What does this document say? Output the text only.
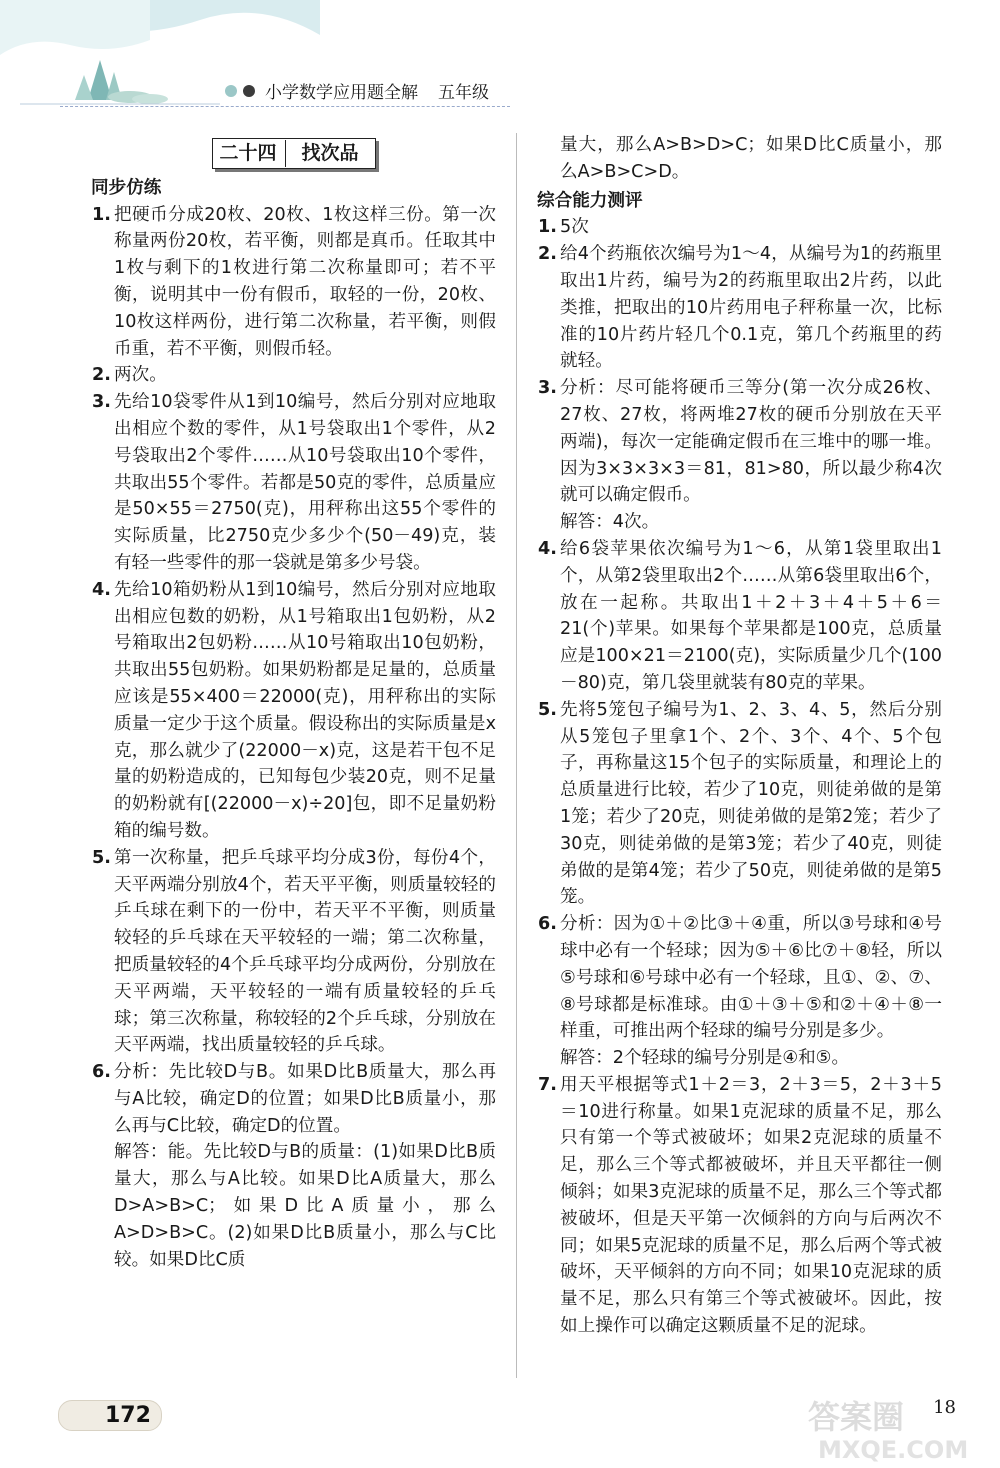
小学数学应用题全解 五年级
二十四	找次品
同步仿练
1. 把硬币分成20枚、20枚、1枚这样三份。第一次称量两份20枚，若平衡，则都是真币。任取其中1枚与剩下的1枚进行第二次称量即可；若不平衡，说明其中一份有假币，取轻的一份，20枚、10枚这样两份，进行第二次称量，若平衡，则假币重，若不平衡，则假币轻。
2. 两次。
3. 先给10袋零件从1到10编号，然后分别对应地取出相应个数的零件，从1号袋取出1个零件，从2号袋取出2个零件……从10号袋取出10个零件，共取出55个零件。若都是50克的零件，总质量应是50×55＝2750(克)，用秤称出这55个零件的实际质量，比2750克少多少个(50－49)克，装有轻一些零件的那一袋就是第多少号袋。
4. 先给10箱奶粉从1到10编号，然后分别对应地取出相应包数的奶粉，从1号箱取出1包奶粉，从2号箱取出2包奶粉……从10号箱取出10包奶粉，共取出55包奶粉。如果奶粉都是足量的，总质量应该是55×400＝22000(克)，用秤称出的实际质量一定少于这个质量。假设称出的实际质量是x克，那么就少了(22000－x)克，这是若干包不足量的奶粉造成的，已知每包少装20克，则不足量的奶粉就有[(22000－x)÷20]包，即不足量奶粉箱的编号数。
5. 第一次称量，把乒乓球平均分成3份，每份4个，天平两端分别放4个，若天平平衡，则质量较轻的乒乓球在剩下的一份中，若天平不平衡，则质量较轻的乒乓球在天平较轻的一端；第二次称量，把质量较轻的4个乒乓球平均分成两份，分别放在天平两端，天平较轻的一端有质量较轻的乒乓球；第三次称量，称较轻的2个乒乓球，分别放在天平两端，找出质量较轻的乒乓球。
6. 分析：先比较D与B。如果D比B质量大，那么再与A比较，确定D的位置；如果D比B质量小，那么再与C比较，确定D的位置。
解答：能。先比较D与B的质量：(1)如果D比B质量大，那么与A比较。如果D比A质量大，那么D>A>B>C；如果D比A质量小，那么A>D>B>C。(2)如果D比B质量小，那么与C比较。如果D比C质
量大，那么A>B>D>C；如果D比C质量小，那么A>B>C>D。
综合能力测评
1. 5次
2. 给4个药瓶依次编号为1～4，从编号为1的药瓶里取出1片药，编号为2的药瓶里取出2片药，以此类推，把取出的10片药用电子秤称量一次，比标准的10片药片轻几个0.1克，第几个药瓶里的药就轻。
3. 分析：尽可能将硬币三等分(第一次分成26枚、27枚、27枚，将两堆27枚的硬币分别放在天平两端)，每次一定能确定假币在三堆中的哪一堆。因为3×3×3×3＝81，81>80，所以最少称4次就可以确定假币。
解答：4次。
4. 给6袋苹果依次编号为1～6，从第1袋里取出1个，从第2袋里取出2个……从第6袋里取出6个，放在一起称。共取出1＋2＋3＋4＋5＋6＝21(个)苹果。如果每个苹果都是100克，总质量应是100×21＝2100(克)，实际质量少几个(100－80)克，第几袋里就装有80克的苹果。
5. 先将5笼包子编号为1、2、3、4、5，然后分别从5笼包子里拿1个、2个、3个、4个、5个包子，再称量这15个包子的实际质量，和理论上的总质量进行比较，若少了10克，则徒弟做的是第1笼；若少了20克，则徒弟做的是第2笼；若少了30克，则徒弟做的是第3笼；若少了40克，则徒弟做的是第4笼；若少了50克，则徒弟做的是第5笼。
6. 分析：因为①＋②比③＋④重，所以③号球和④号球中必有一个轻球；因为⑤＋⑥比⑦＋⑧轻，所以⑤号球和⑥号球中必有一个轻球，且①、②、⑦、⑧号球都是标准球。由①＋③＋⑤和②＋④＋⑧一样重，可推出两个轻球的编号分别是多少。
解答：2个轻球的编号分别是④和⑤。
7. 用天平根据等式1＋2＝3，2＋3＝5，2＋3＋5＝10进行称量。如果1克泥球的质量不足，那么只有第一个等式被破坏；如果2克泥球的质量不足，那么三个等式都被破坏，并且天平都往一侧倾斜；如果3克泥球的质量不足，那么三个等式都被破坏，但是天平第一次倾斜的方向与后两次不同；如果5克泥球的质量不足，那么后两个等式被破坏，天平倾斜的方向不同；如果10克泥球的质量不足，那么只有第三个等式被破坏。因此，按如上操作可以确定这颗质量不足的泥球。
172	答案圈
MXQE.COM
18
